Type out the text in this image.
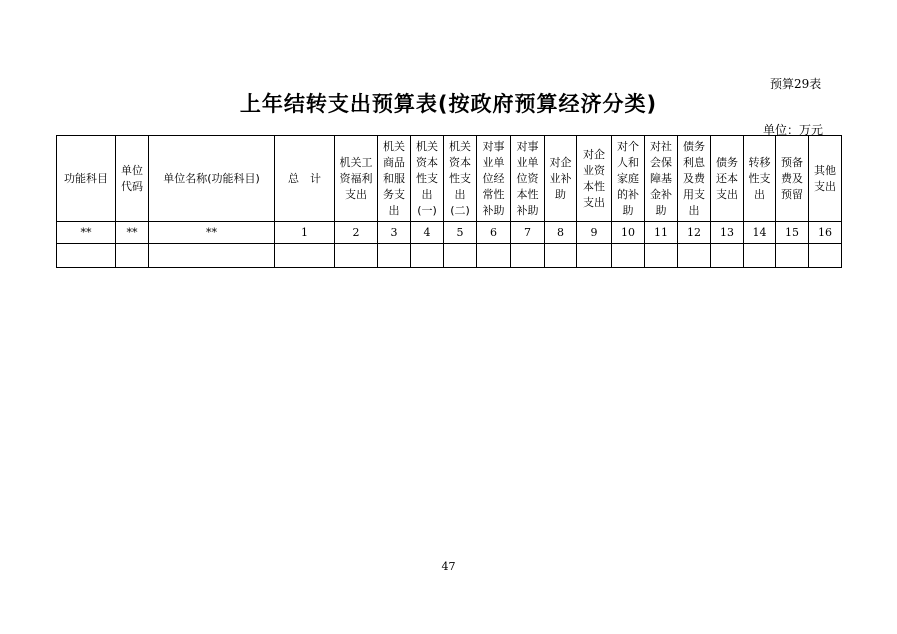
预算29表
上年结转支出预算表(按政府预算经济分类)
单位：万元
功能科目	单位代码	单位名称(功能科目)	总　计	机关工资福利支出	机关商品和服务支出	机关资本性支出(一)	机关资本性支出(二)	对事业单位经常性补助	对事业单位资本性补助	对企业补助	对企业资本性支出	对个人和家庭的补助	对社会保障基金补助	债务利息及费用支出	债务还本支出	转移性支出	预备费及预留	其他支出
**	**	**	1	2	3	4	5	6	7	8	9	10	11	12	13	14	15	16

47
